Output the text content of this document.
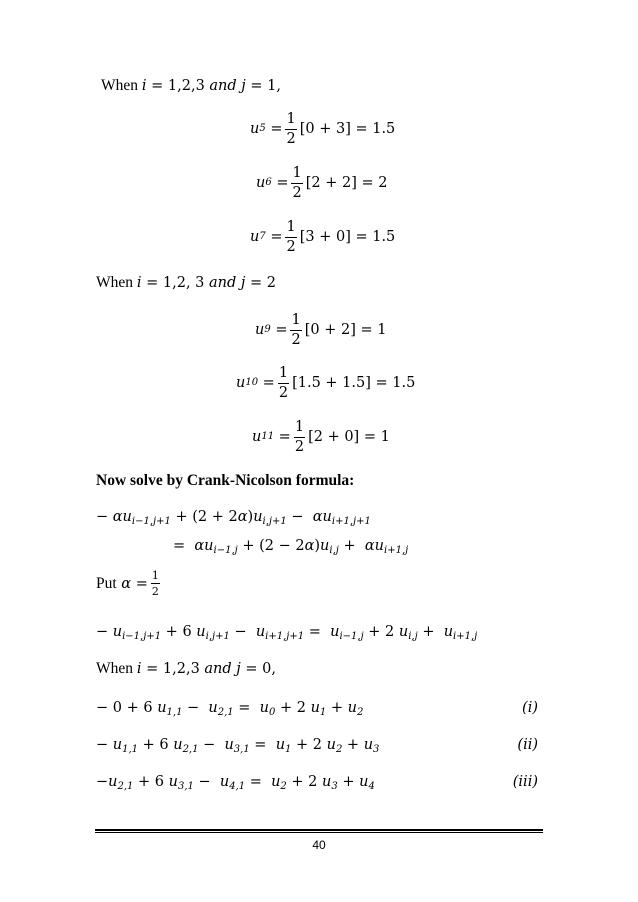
When i = 1,2,3 and j = 1,
u $5 = \frac{1}{2} [0 + 3] = 1.5$
u $6 = \frac{1}{2} [2 + 2] = 2$
u $7 = \frac{1}{2} [3 + 0] = 1.5$
When i = 1,2, 3 and j = 2
u $9 = \frac{1}{2} [0 + 2] = 1$
u $10 = \frac{1}{2} [1.5 + 1.5] = 1.5$
u $11 = \frac{1}{2} [2 + 0] = 1$
Now solve by Crank-Nicolson formula:
− $\alpha u_{i-1,j+1} + (2 + 2\alpha)u_{i,j+1} - \alpha u_{i+1,j+1}$
=  $\alpha u_{i-1,j} + (2 - 2\alpha)u_{i,j} + \alpha u_{i+1,j}$
Put
$\alpha = \frac{1}{2}$
− $u_{i-1,j+1} + 6$ $u_{i,j+1} - u_{i+1,j+1} = u_{i-1,j} + 2$ $u_{i,j} + u_{i+1,j}$
When i = 1,2,3 and j = 0,
− 0 + 6 $u_{1,1} - u_{2,1} = u_0 + 2$ $u_1 + u_2$	(i)
− $u_{1,1} + 6$ $u_{2,1} - u_{3,1} = u_1 + 2$ $u_2 + u_3$	(ii)
$-u_{2,1} + 6$ $u_{3,1} - u_{4,1} = u_2 + 2$ $u_3 + u_4$	(iii)
40
